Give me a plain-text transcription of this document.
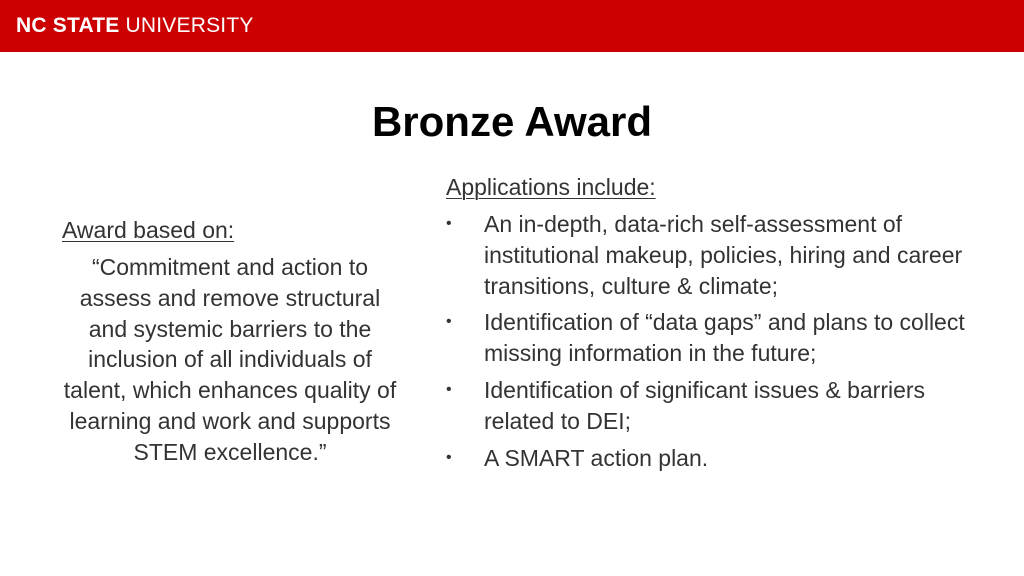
NC STATE UNIVERSITY
Bronze Award
Award based on:
“Commitment and action to assess and remove structural and systemic barriers to the inclusion of all individuals of talent, which enhances quality of learning and work and supports STEM excellence.”
Applications include:
• An in-depth, data-rich self-assessment of institutional makeup, policies, hiring and career transitions, culture & climate;
• Identification of “data gaps” and plans to collect missing information in the future;
• Identification of significant issues & barriers related to DEI;
• A SMART action plan.
